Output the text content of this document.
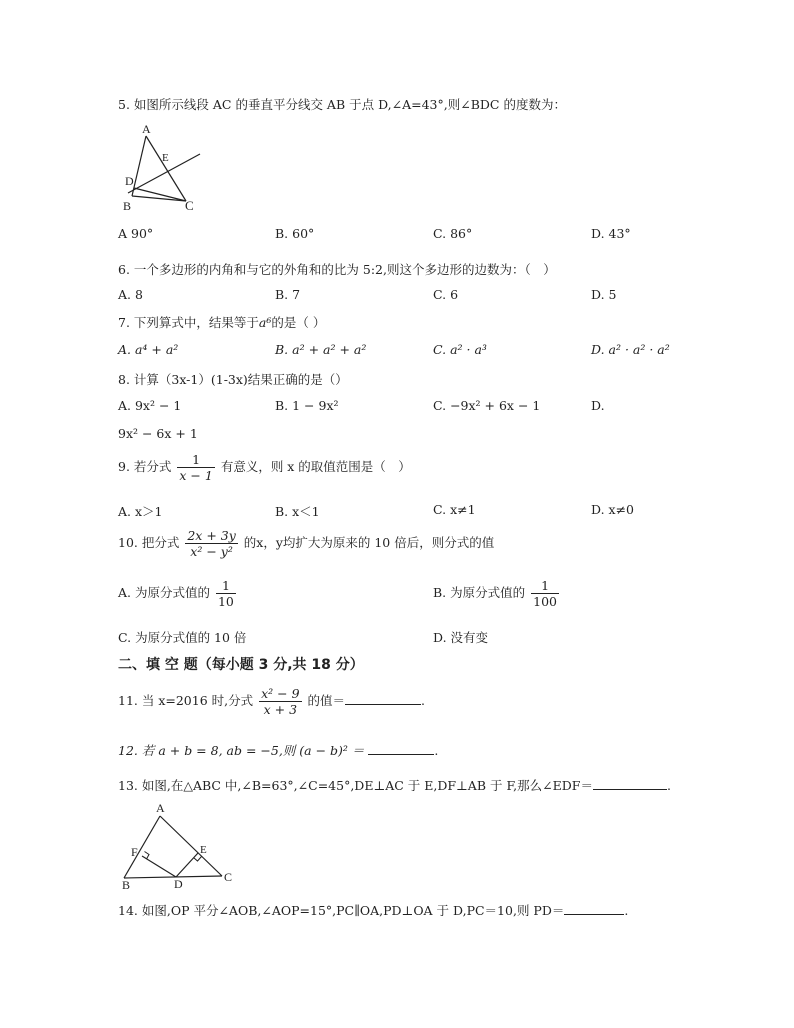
5. 如图所示线段 AC 的垂直平分线交 AB 于点 D,∠A=43°,则∠BDC 的度数为：
A
E
D
B	C
A 90°	B. 60°	C. 86°	D. 43°
6. 一个多边形的内角和与它的外角和的比为 5:2,则这个多边形的边数为：（　）
A. 8	B. 7	C. 6	D. 5
7. 下列算式中，结果等于a⁶的是（ ）
A. a⁴ + a²	B. a² + a² + a²	C. a² · a³	D. a² · a² · a²
8. 计算（3x-1）(1-3x)结果正确的是（）
A. 9x² − 1	B. 1 − 9x²	C. −9x² + 6x − 1	D.
9x² − 6x + 1
9. 若分式 $\frac{1}{x - 1}$ 有意义，则 x 的取值范围是（　）
A. x＞1	B. x＜1	C. x≠1	D. x≠0
10. 把分式 $\frac{2x + 3y}{\text{x² − y²}}$ 的x，y均扩大为原来的 10 倍后，则分式的值
A. 为原分式值的 $\frac{1}{10}$	B. 为原分式值的 $\frac{1}{100}$
C. 为原分式值的 10 倍	D. 没有变
二、填 空 题（每小题 3 分,共 18 分）
11. 当 x=2016 时,分式 $\frac{\text{x² − 9}}{x + 3}$ 的值＝	.
12. 若 a + b = 8, ab = −5,则 (a − b)² ＝	.
13. 如图,在△ABC 中,∠B=63°,∠C=45°,DE⊥AC 于 E,DF⊥AB 于 F,那么∠EDF＝	.
A
F	E
B	D	C
14. 如图,OP 平分∠AOB,∠AOP=15°,PC∥OA,PD⊥OA 于 D,PC＝10,则 PD＝	.
